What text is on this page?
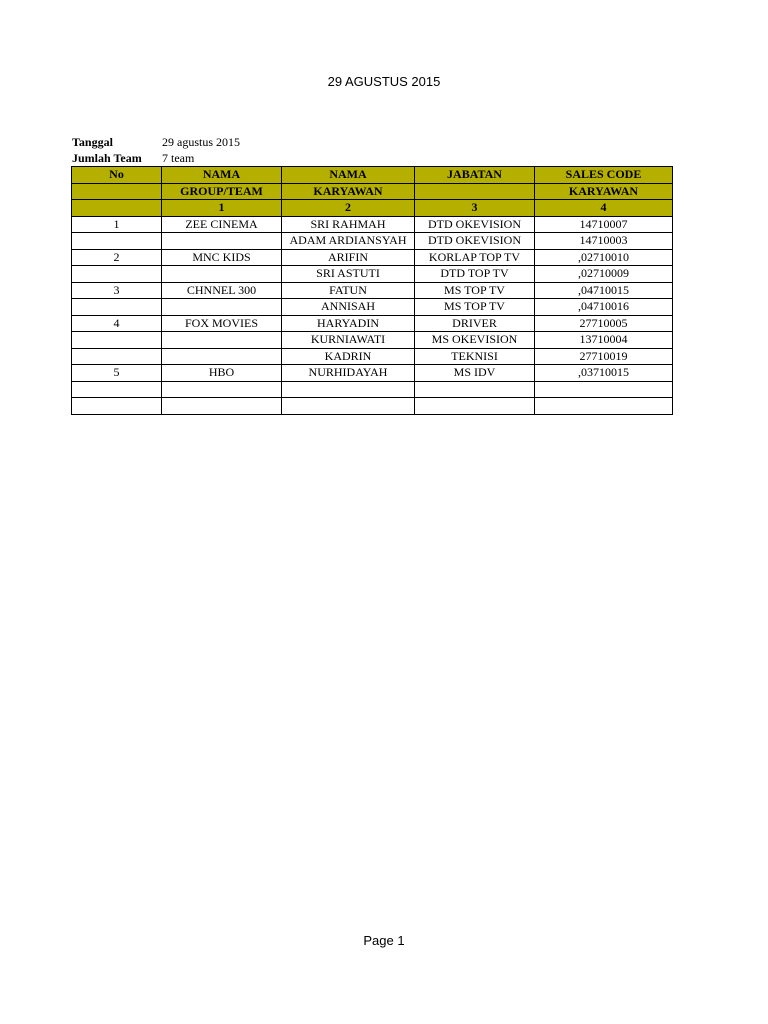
29 AGUSTUS 2015
Tanggal	29 agustus 2015
Jumlah Team	7 team
No	NAMA	NAMA	JABATAN	SALES CODE
	GROUP/TEAM	KARYAWAN		KARYAWAN
	1	2	3	4
1	ZEE CINEMA	SRI RAHMAH	DTD OKEVISION	14710007
		ADAM ARDIANSYAH	DTD OKEVISION	14710003
2	MNC KIDS	ARIFIN	KORLAP TOP TV	,02710010
		SRI ASTUTI	DTD TOP TV	,02710009
3	CHNNEL 300	FATUN	MS TOP TV	,04710015
		ANNISAH	MS TOP TV	,04710016
4	FOX MOVIES	HARYADIN	DRIVER	27710005
		KURNIAWATI	MS OKEVISION	13710004
		KADRIN	TEKNISI	27710019
5	HBO	NURHIDAYAH	MS IDV	,03710015

Page 1
